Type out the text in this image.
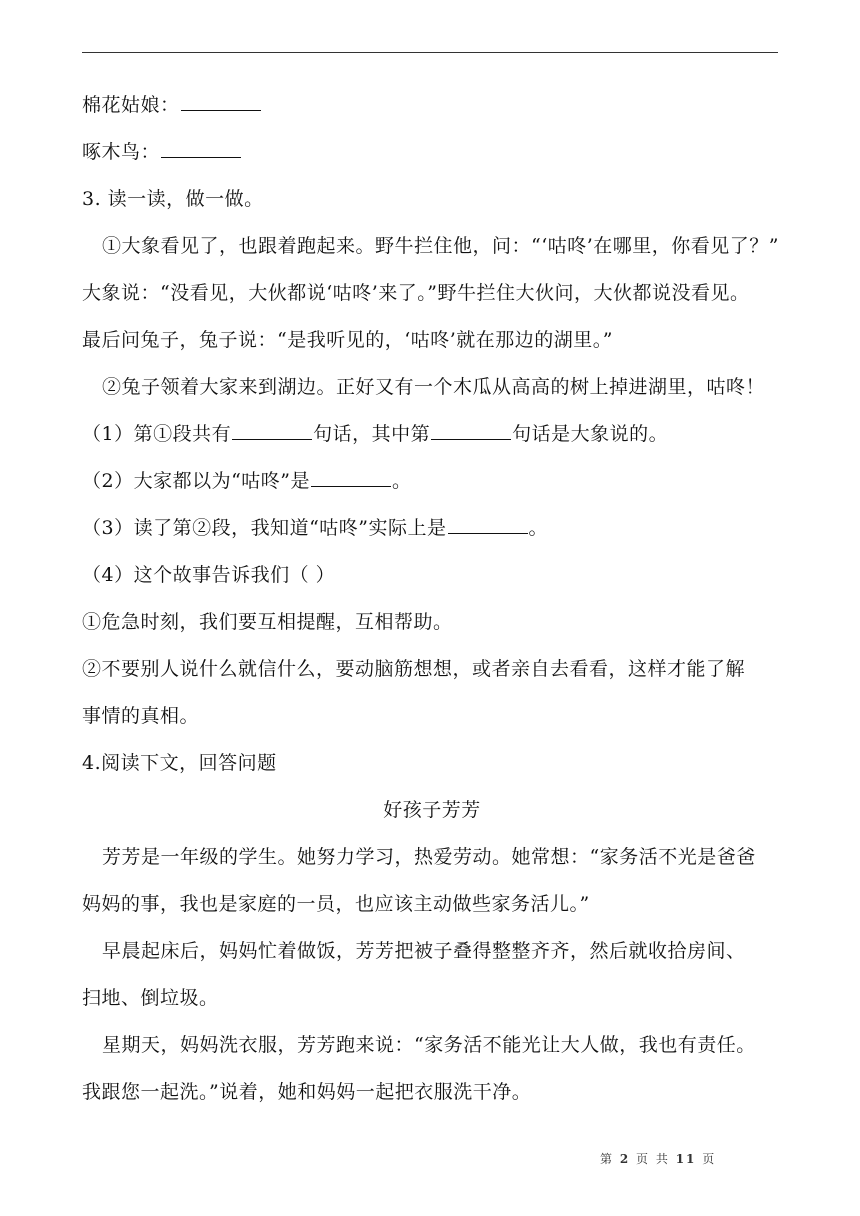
棉花姑娘：
啄木鸟：
3. 读一读，做一做。
①大象看见了，也跟着跑起来。野牛拦住他，问：“‘咕咚’在哪里，你看见了？”
大象说：“没看见，大伙都说‘咕咚’来了。”野牛拦住大伙问，大伙都说没看见。
最后问兔子，兔子说：“是我听见的，‘咕咚’就在那边的湖里。”
②兔子领着大家来到湖边。正好又有一个木瓜从高高的树上掉进湖里，咕咚！
（1）第①段共有	句话，其中第	句话是大象说的。
（2）大家都以为“咕咚”是	。
（3）读了第②段，我知道“咕咚”实际上是	。
（4）这个故事告诉我们（ ）
①危急时刻，我们要互相提醒，互相帮助。
②不要别人说什么就信什么，要动脑筋想想，或者亲自去看看，这样才能了解
事情的真相。
4.阅读下文，回答问题
好孩子芳芳
芳芳是一年级的学生。她努力学习，热爱劳动。她常想：“家务活不光是爸爸
妈妈的事，我也是家庭的一员，也应该主动做些家务活儿。”
早晨起床后，妈妈忙着做饭，芳芳把被子叠得整整齐齐，然后就收拾房间、
扫地、倒垃圾。
星期天，妈妈洗衣服，芳芳跑来说：“家务活不能光让大人做，我也有责任。
我跟您一起洗。”说着，她和妈妈一起把衣服洗干净。
第 2 页 共 11 页
